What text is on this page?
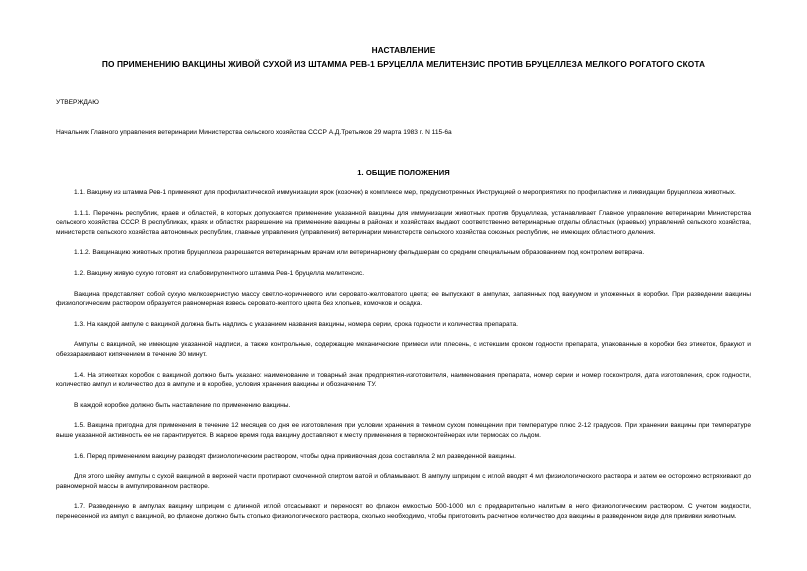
НАСТАВЛЕНИЕ
ПО ПРИМЕНЕНИЮ ВАКЦИНЫ ЖИВОЙ СУХОЙ ИЗ ШТАММА РЕВ-1 БРУЦЕЛЛА МЕЛИТЕНЗИС ПРОТИВ БРУЦЕЛЛЕЗА МЕЛКОГО РОГАТОГО СКОТА
УТВЕРЖДАЮ
Начальник Главного управления ветеринарии Министерства сельского хозяйства СССР А.Д.Третьяков 29 марта 1983 г. N 115-6а
1. ОБЩИЕ ПОЛОЖЕНИЯ
1.1. Вакцину из штамма Рев-1 применяют для профилактической иммунизации ярок (козочек) в комплексе мер, предусмотренных Инструкцией о мероприятиях по профилактике и ликвидации бруцеллеза животных.
1.1.1. Перечень республик, краев и областей, в которых допускается применение указанной вакцины для иммунизации животных против бруцеллеза, устанавливает Главное управление ветеринарии Министерства сельского хозяйства СССР. В республиках, краях и областях разрешение на применение вакцины в районах и хозяйствах выдают соответственно ветеринарные отделы областных (краевых) управлений сельского хозяйства, министерств сельского хозяйства автономных республик, главные управления (управления) ветеринарии министерств сельского хозяйства союзных республик, не имеющих областного деления.
1.1.2. Вакцинацию животных против бруцеллеза разрешается ветеринарным врачам или ветеринарному фельдшерам со средним специальным образованием под контролем ветврача.
1.2. Вакцину живую сухую готовят из слабовирулентного штамма Рев-1 бруцелла мелитенсис.
Вакцина представляет собой сухую мелкозернистую массу светло-коричневого или серовато-желтоватого цвета; ее выпускают в ампулах, запаянных под вакуумом и уложенных в коробки. При разведении вакцины физиологическим раствором образуется равномерная взвесь серовато-желтого цвета без хлопьев, комочков и осадка.
1.3. На каждой ампуле с вакциной должна быть надпись с указанием названия вакцины, номера серии, срока годности и количества препарата.
Ампулы с вакциной, не имеющие указанной надписи, а также контрольные, содержащие механические примеси или плесень, с истекшим сроком годности препарата, упакованные в коробки без этикеток, бракуют и обеззараживают кипячением в течение 30 минут.
1.4. На этикетках коробок с вакциной должно быть указано: наименование и товарный знак предприятия-изготовителя, наименования препарата, номер серии и номер госконтроля, дата изготовления, срок годности, количество ампул и количество доз в ампуле и в коробке, условия хранения вакцины и обозначение ТУ.
В каждой коробке должно быть наставление по применению вакцины.
1.5. Вакцина пригодна для применения в течение 12 месяцев со дня ее изготовления при условии хранения в темном сухом помещении при температуре плюс 2-12 градусов. При хранении вакцины при температуре выше указанной активность ее не гарантируется. В жаркое время года вакцину доставляют к месту применения в термоконтейнерах или термосах со льдом.
1.6. Перед применением вакцину разводят физиологическим раствором, чтобы одна прививочная доза составляла 2 мл разведенной вакцины.
Для этого шейку ампулы с сухой вакциной в верхней части протирают смоченной спиртом ватой и обламывают. В ампулу шприцем с иглой вводят 4 мл физиологического раствора и затем ее осторожно встряхивают до равномерной массы в ампулированном растворе.
1.7. Разведенную в ампулах вакцину шприцем с длинной иглой отсасывают и переносят во флакон емкостью 500-1000 мл с предварительно налитым в него физиологическим раствором. С учетом жидкости, перенесенной из ампул с вакциной, во флаконе должно быть столько физиологического раствора, сколько необходимо, чтобы приготовить расчетное количество доз вакцины в разведенном виде для прививки животным.
